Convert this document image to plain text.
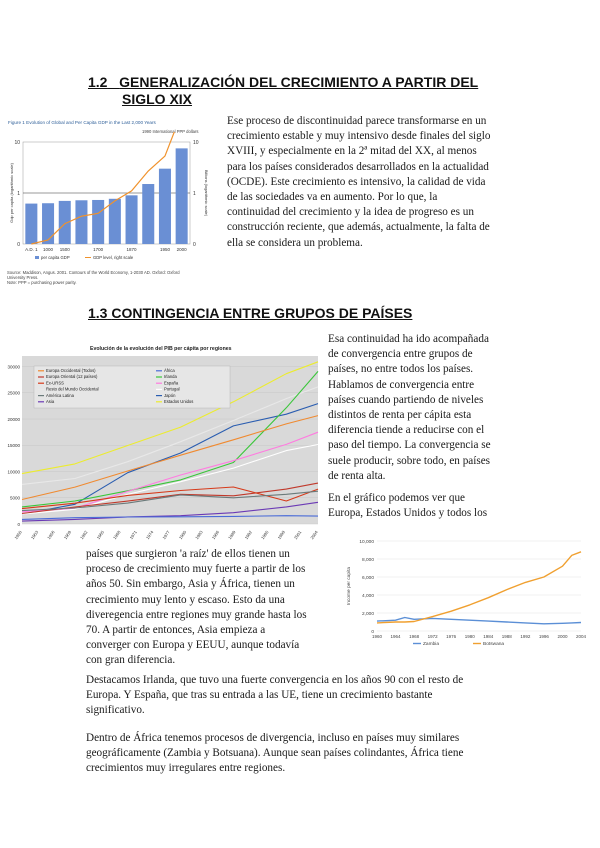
1.2 GENERALIZACIÓN DEL CRECIMIENTO A PARTIR DEL
SIGLO XIX
Figure 1 Evolution of Global and Per Capita GDP in the Last 2,000 Years
1990 International PPP dollars
10
1
0
10
1
0
Gdp per capita (logarithmic scale)	Billions (logarithmic scale)
A.D. 1 1000 1500	1700	1870	1950 2000
per capita GDP	GDP level, right scale
Source: Maddison, Angus. 2001. Contours of the World Economy, 1-2030 AD. Oxford: Oxford
University Press.
Note: PPP = purchasing power parity.
Ese proceso de discontinuidad parece transformarse en un
crecimiento estable y muy intensivo desde finales del siglo
XVIII, y especialmente en la 2ª mitad del XX, al menos
para los países considerados desarrollados en la actualidad
(OCDE). Este crecimiento es intensivo, la calidad de vida
de las sociedades va en aumento. Por lo que, la
continuidad del crecimiento y la idea de progreso es un
construcción reciente, que además, actualmente, la falta de
ella se considera un problema.
1.3 CONTINGENCIA ENTRE GRUPOS DE PAÍSES
Evolución de la evolución del PIB per cápita por regiones
30000
25000
20000
15000
10000
5000
0
1950 1953 1956 1959 1962 1965 1968 1971 1974 1977 1980 1983 1986 1989 1992 1995 1998 2001 2004
Europa Occidental (Todos)
Europa Oriental (12 países)
Ex-URSS
Resto del Mundo Occidental
América Latina
Asia
África
Irlanda
España
Portugal
Japón
Estados Unidos
Esa continuidad ha ido acompañada
de convergencia entre grupos de
países, no entre todos los países.
Hablamos de convergencia entre
países cuando partiendo de niveles
distintos de renta per cápita esta
diferencia tiende a reducirse con el
paso del tiempo. La convergencia se
suele producir, sobre todo, en países
de renta alta.
En el gráfico podemos ver que
Europa, Estados Unidos y todos los
10,000
8,000
6,000
4,000
2,000
0
Income per capita
1960 1964 1968 1972 1976 1980 1984 1988 1992 1996 2000 2004
Zambia	Botswana
países que surgieron 'a raíz' de ellos tienen un
proceso de crecimiento muy fuerte a partir de los
años 50. Sin embargo, Asia y África, tienen un
crecimiento muy lento y escaso. Esto da una
diveregencia entre regiones muy grande hasta los
70. A partir de entonces, Asia empieza a
converger con Europa y EEUU, aunque todavía
con gran diferencia.
Destacamos Irlanda, que tuvo una fuerte convergencia en los años 90 con el resto de
Europa. Y España, que tras su entrada a las UE, tiene un crecimiento bastante
significativo.
Dentro de África tenemos procesos de divergencia, incluso en países muy similares
geográficamente (Zambia y Botsuana). Aunque sean países colindantes, África tiene
crecimientos muy irregulares entre regiones.
